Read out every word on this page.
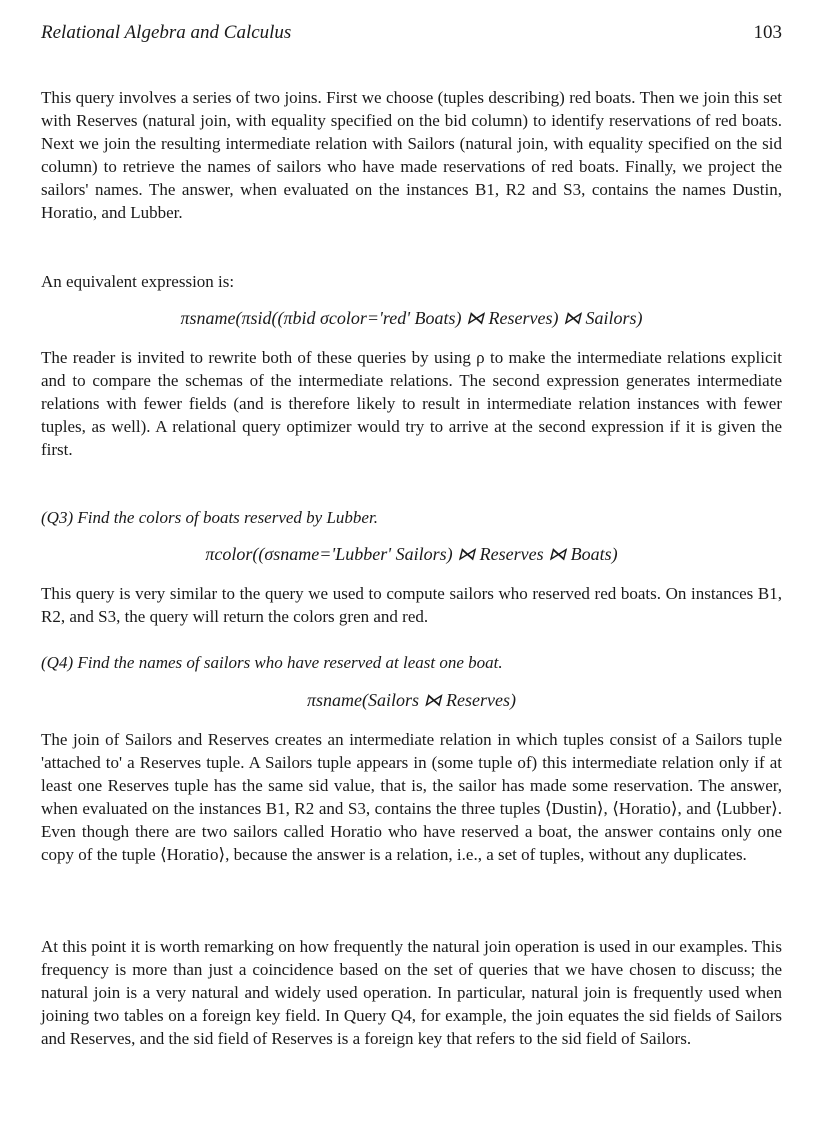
Relational Algebra and Calculus	103

This query involves a series of two joins. First we choose (tuples describing) red boats. Then we join this set with Reserves (natural join, with equality specified on the bid column) to identify reservations of red boats. Next we join the resulting intermediate relation with Sailors (natural join, with equality specified on the sid column) to retrieve the names of sailors who have made reservations of red boats. Finally, we project the sailors' names. The answer, when evaluated on the instances B1, R2 and S3, contains the names Dustin, Horatio, and Lubber.

An equivalent expression is:

πsname(πsid((πbid σcolor='red' Boats) ⋈ Reserves) ⋈ Sailors)

The reader is invited to rewrite both of these queries by using ρ to make the intermediate relations explicit and to compare the schemas of the intermediate relations. The second expression generates intermediate relations with fewer fields (and is therefore likely to result in intermediate relation instances with fewer tuples, as well). A relational query optimizer would try to arrive at the second expression if it is given the first.

(Q3) Find the colors of boats reserved by Lubber.
πcolor((σsname='Lubber' Sailors) ⋈ Reserves ⋈ Boats)

This query is very similar to the query we used to compute sailors who reserved red boats. On instances B1, R2, and S3, the query will return the colors gren and red.

(Q4) Find the names of sailors who have reserved at least one boat.
πsname(Sailors ⋈ Reserves)

The join of Sailors and Reserves creates an intermediate relation in which tuples consist of a Sailors tuple 'attached to' a Reserves tuple. A Sailors tuple appears in (some tuple of) this intermediate relation only if at least one Reserves tuple has the same sid value, that is, the sailor has made some reservation. The answer, when evaluated on the instances B1, R2 and S3, contains the three tuples ⟨Dustin⟩, ⟨Horatio⟩, and ⟨Lubber⟩. Even though there are two sailors called Horatio who have reserved a boat, the answer contains only one copy of the tuple ⟨Horatio⟩, because the answer is a relation, i.e., a set of tuples, without any duplicates.

At this point it is worth remarking on how frequently the natural join operation is used in our examples. This frequency is more than just a coincidence based on the set of queries that we have chosen to discuss; the natural join is a very natural and widely used operation. In particular, natural join is frequently used when joining two tables on a foreign key field. In Query Q4, for example, the join equates the sid fields of Sailors and Reserves, and the sid field of Reserves is a foreign key that refers to the sid field of Sailors.
